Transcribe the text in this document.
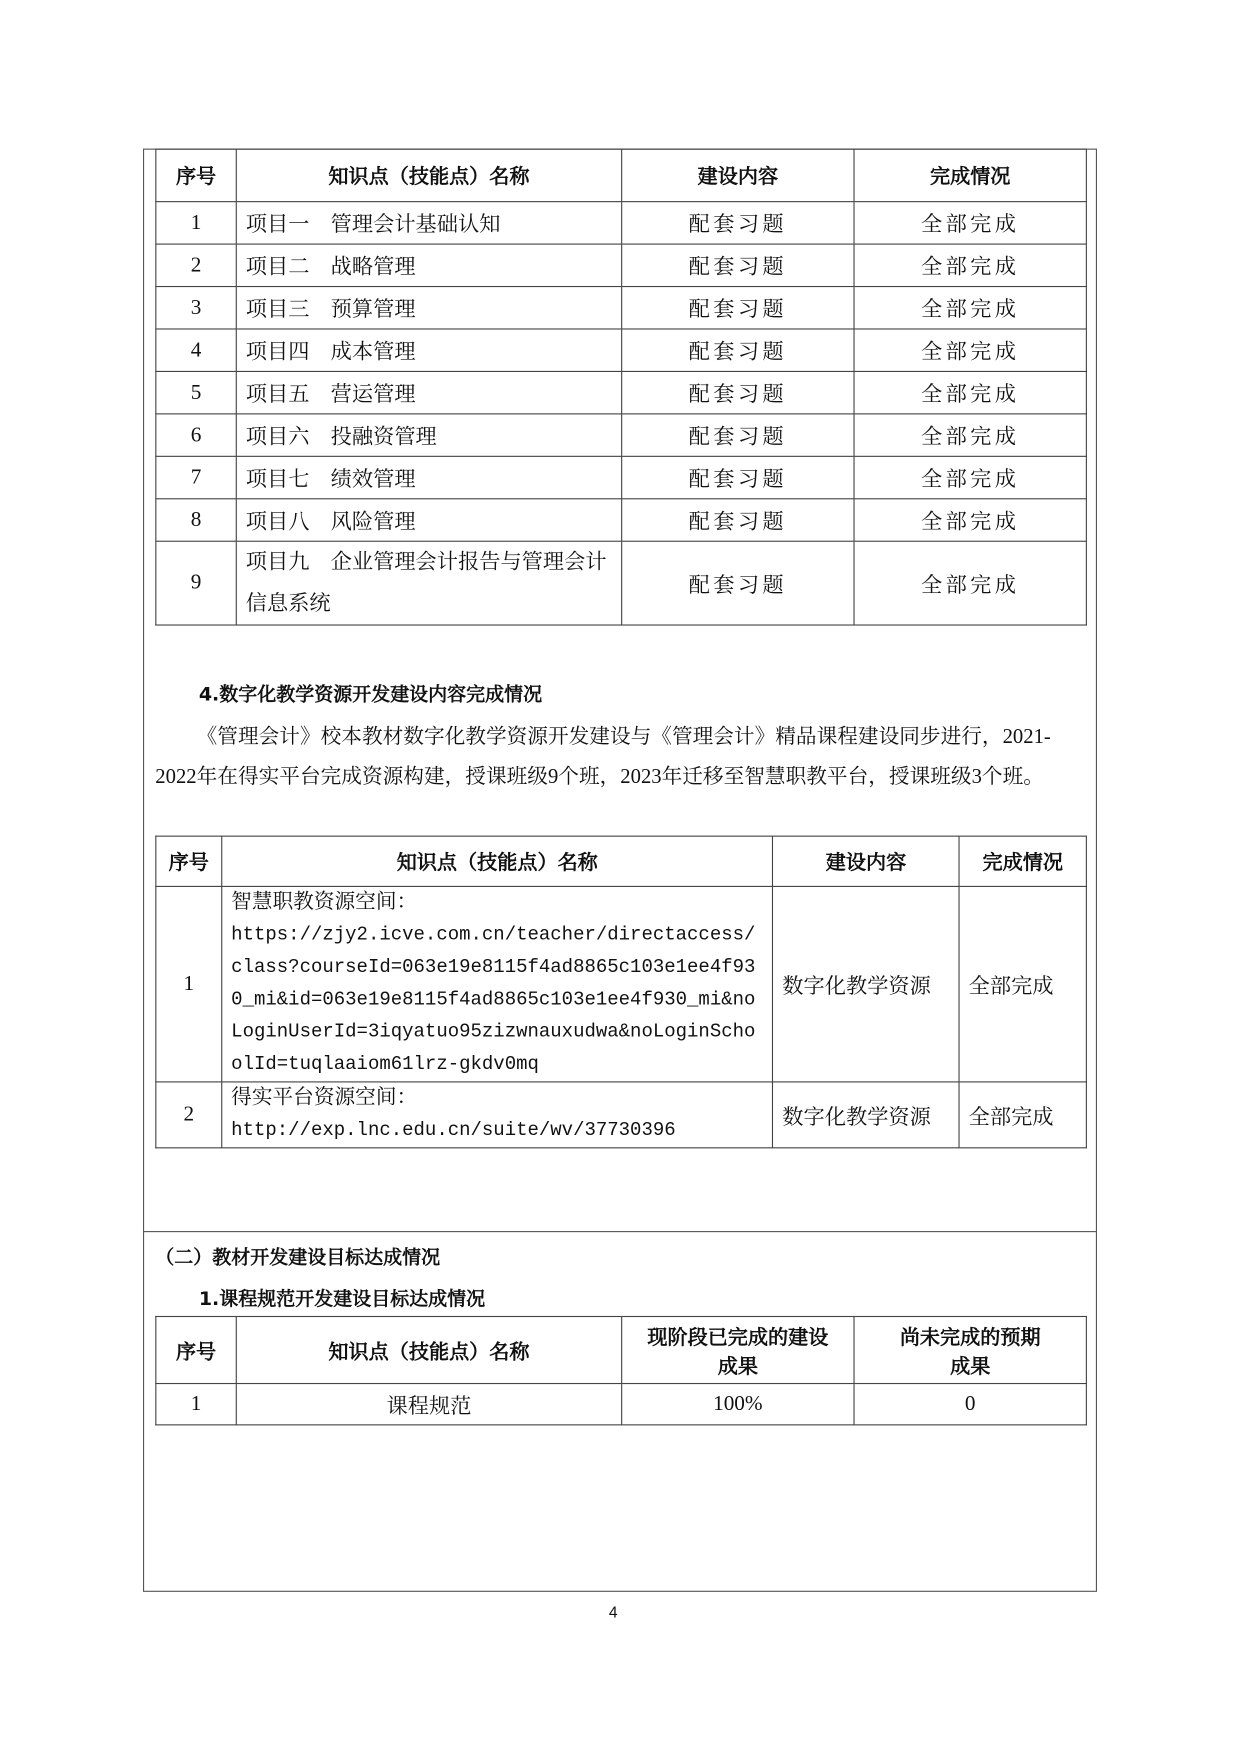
序号	知识点（技能点）名称	建设内容	完成情况
1	项目一　管理会计基础认知	配套习题	全部完成
2	项目二　战略管理	配套习题	全部完成
3	项目三　预算管理	配套习题	全部完成
4	项目四　成本管理	配套习题	全部完成
5	项目五　营运管理	配套习题	全部完成
6	项目六　投融资管理	配套习题	全部完成
7	项目七　绩效管理	配套习题	全部完成
8	项目八　风险管理	配套习题	全部完成
9	项目九　企业管理会计报告与管理会计信息系统	配套习题	全部完成
4.数字化教学资源开发建设内容完成情况
《管理会计》校本教材数字化教学资源开发建设与《管理会计》精品课程建设同步进行，2021-2022年在得实平台完成资源构建，授课班级9个班，2023年迁移至智慧职教平台，授课班级3个班。
序号	知识点（技能点）名称	建设内容	完成情况
1	智慧职教资源空间：
https://zjy2.icve.com.cn/teacher/directaccess/class?courseId=063e19e8115f4ad8865c103e1ee4f930_mi&id=063e19e8115f4ad8865c103e1ee4f930_mi&noLoginUserId=3iqyatuo95zizwnauxudwa&noLoginSchoolId=tuqlaaiom61lrz-gkdv0mq	数字化教学资源	全部完成
2	得实平台资源空间：
http://exp.lnc.edu.cn/suite/wv/37730396	数字化教学资源	全部完成
（二）教材开发建设目标达成情况
1.课程规范开发建设目标达成情况
序号	知识点（技能点）名称	现阶段已完成的建设成果	尚未完成的预期成果
1	课程规范	100%	0
4
